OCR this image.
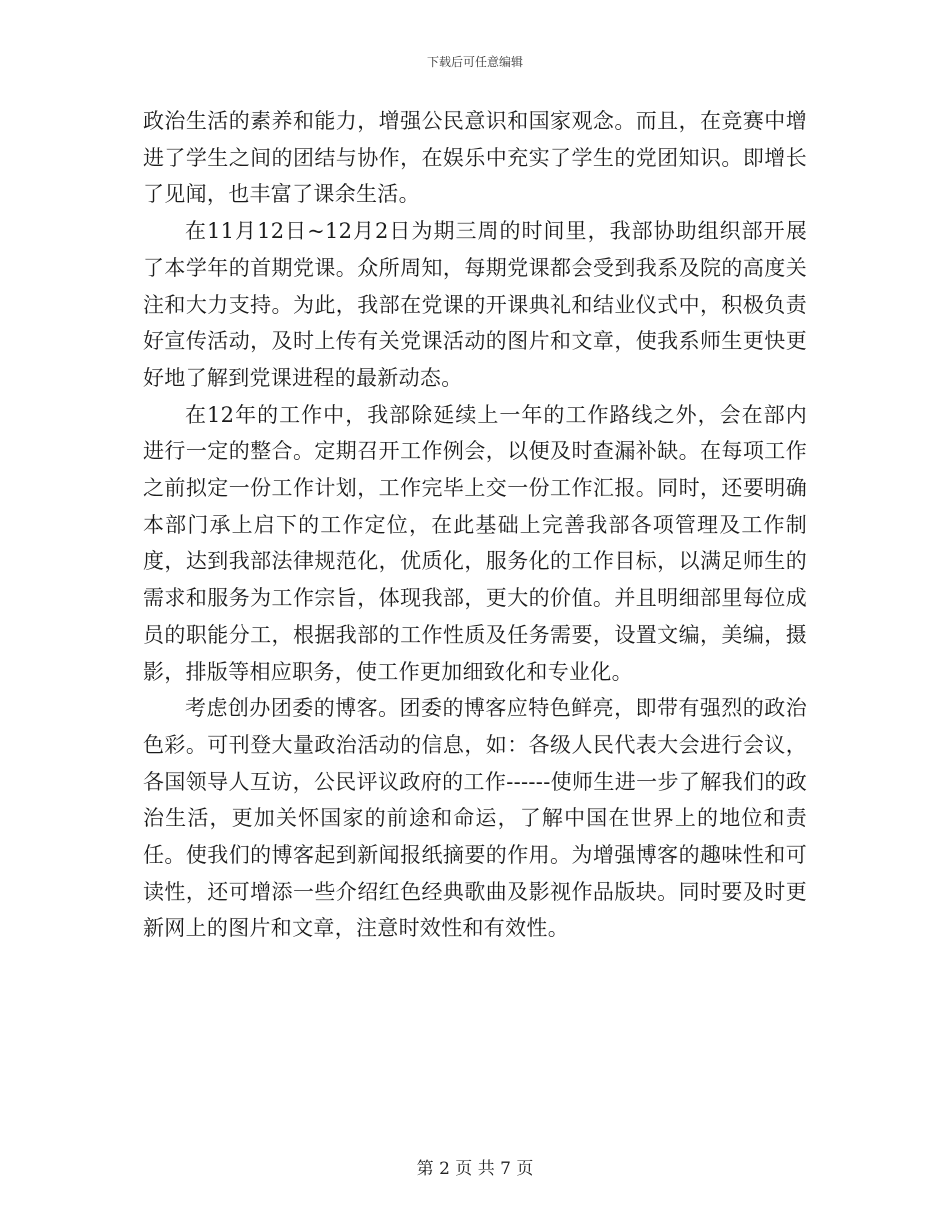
下载后可任意编辑

政治生活的素养和能力，增强公民意识和国家观念。而且，在竞赛中增进了学生之间的团结与协作，在娱乐中充实了学生的党团知识。即增长了见闻，也丰富了课余生活。

在11月12日~12月2日为期三周的时间里，我部协助组织部开展了本学年的首期党课。众所周知，每期党课都会受到我系及院的高度关注和大力支持。为此，我部在党课的开课典礼和结业仪式中，积极负责好宣传活动，及时上传有关党课活动的图片和文章，使我系师生更快更好地了解到党课进程的最新动态。

在12年的工作中，我部除延续上一年的工作路线之外，会在部内进行一定的整合。定期召开工作例会，以便及时查漏补缺。在每项工作之前拟定一份工作计划，工作完毕上交一份工作汇报。同时，还要明确本部门承上启下的工作定位，在此基础上完善我部各项管理及工作制度，达到我部法律规范化，优质化，服务化的工作目标，以满足师生的需求和服务为工作宗旨，体现我部，更大的价值。并且明细部里每位成员的职能分工，根据我部的工作性质及任务需要，设置文编，美编，摄影，排版等相应职务，使工作更加细致化和专业化。

考虑创办团委的博客。团委的博客应特色鲜亮，即带有强烈的政治色彩。可刊登大量政治活动的信息，如：各级人民代表大会进行会议，各国领导人互访，公民评议政府的工作------使师生进一步了解我们的政治生活，更加关怀国家的前途和命运，了解中国在世界上的地位和责任。使我们的博客起到新闻报纸摘要的作用。为增强博客的趣味性和可读性，还可增添一些介绍红色经典歌曲及影视作品版块。同时要及时更新网上的图片和文章，注意时效性和有效性。

第 2 页 共 7 页
